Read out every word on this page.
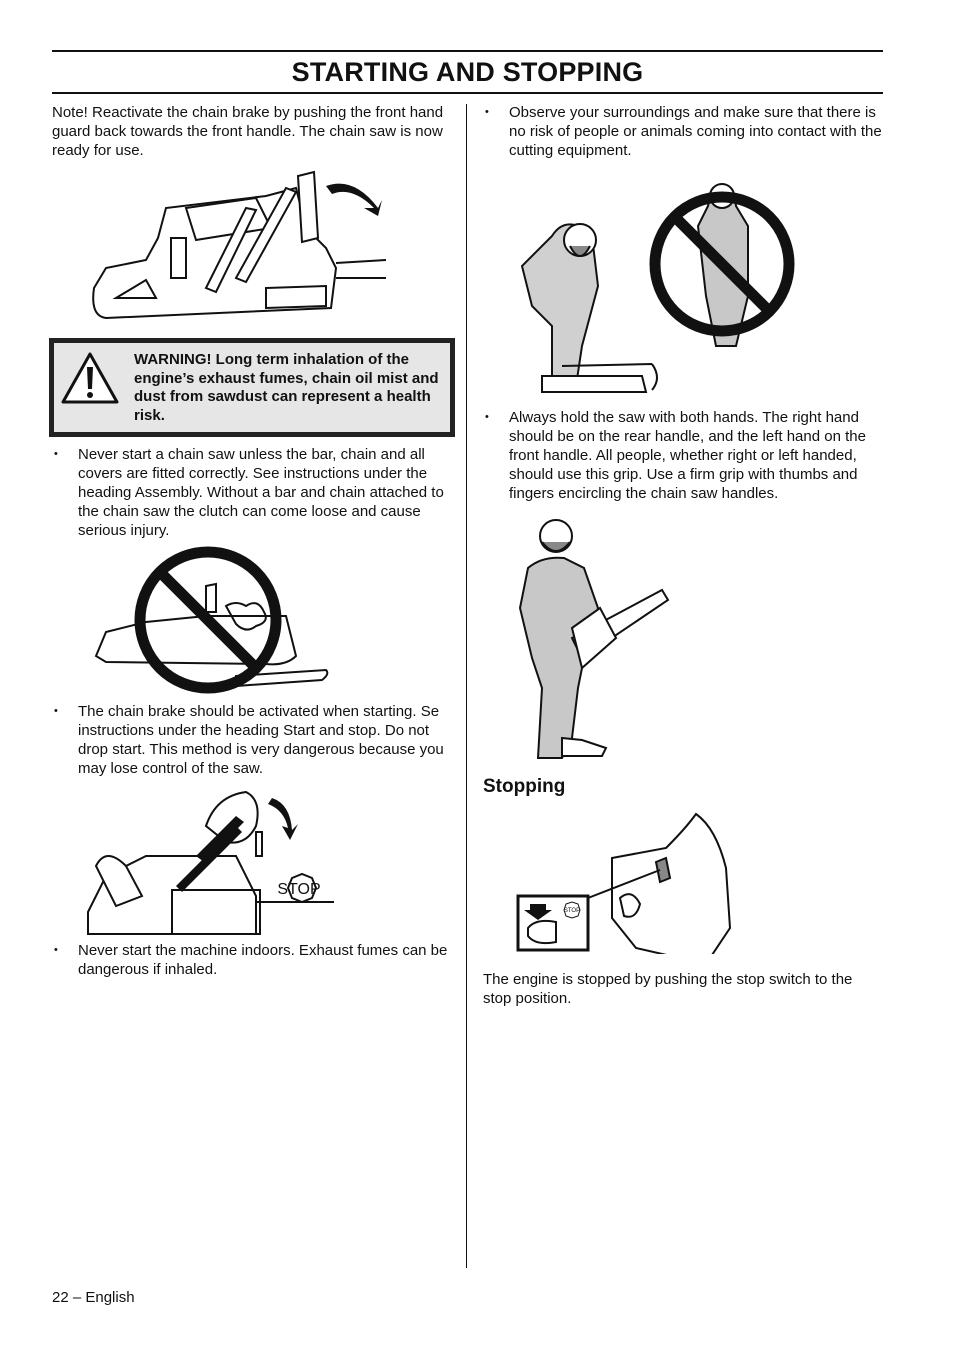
STARTING AND STOPPING

Note! Reactivate the chain brake by pushing the front hand guard back towards the front handle. The chain saw is now ready for use.

WARNING! Long term inhalation of the engine’s exhaust fumes, chain oil mist and dust from sawdust can represent a health risk.

• Never start a chain saw unless the bar, chain and all covers are fitted correctly. See instructions under the heading Assembly. Without a bar and chain attached to the chain saw the clutch can come loose and cause serious injury.

• The chain brake should be activated when starting. Se instructions under the heading Start and stop. Do not drop start. This method is very dangerous because you may lose control of the saw.

STOP

• Never start the machine indoors. Exhaust fumes can be dangerous if inhaled.

• Observe your surroundings and make sure that there is no risk of people or animals coming into contact with the cutting equipment.

• Always hold the saw with both hands. The right hand should be on the rear handle, and the left hand on the front handle. All people, whether right or left handed, should use this grip. Use a firm grip with thumbs and fingers encircling the chain saw handles.

Stopping
STOP

The engine is stopped by pushing the stop switch to the stop position.

22 – English
